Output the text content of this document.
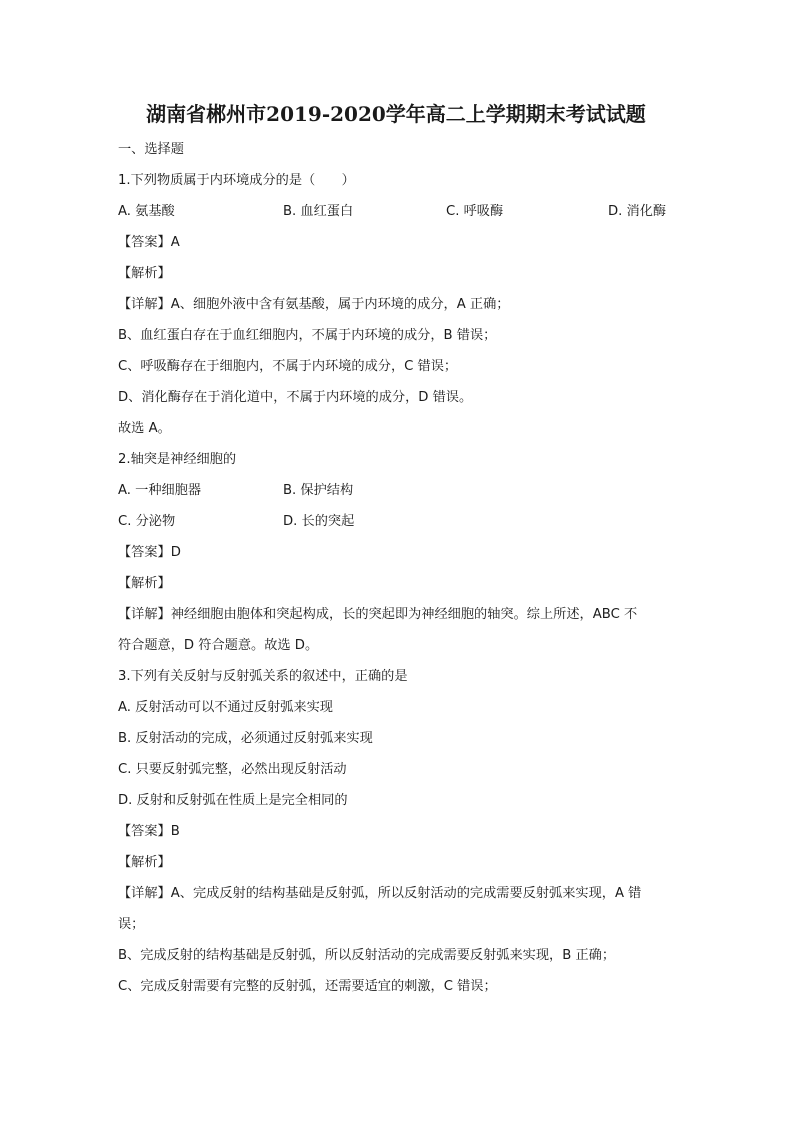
湖南省郴州市2019-2020学年高二上学期期末考试试题
一、选择题
1.下列物质属于内环境成分的是（　　）
A. 氨基酸	B. 血红蛋白	C. 呼吸酶	D. 消化酶
【答案】A
【解析】
【详解】A、细胞外液中含有氨基酸，属于内环境的成分，A 正确；
B、血红蛋白存在于血红细胞内，不属于内环境的成分，B 错误；
C、呼吸酶存在于细胞内，不属于内环境的成分，C 错误；
D、消化酶存在于消化道中，不属于内环境的成分，D 错误。
故选 A。
2.轴突是神经细胞的
A. 一种细胞器	B. 保护结构
C. 分泌物	D. 长的突起
【答案】D
【解析】
【详解】神经细胞由胞体和突起构成，长的突起即为神经细胞的轴突。综上所述，ABC 不
符合题意，D 符合题意。故选 D。
3.下列有关反射与反射弧关系的叙述中，正确的是
A. 反射活动可以不通过反射弧来实现
B. 反射活动的完成，必须通过反射弧来实现
C. 只要反射弧完整，必然出现反射活动
D. 反射和反射弧在性质上是完全相同的
【答案】B
【解析】
【详解】A、完成反射的结构基础是反射弧，所以反射活动的完成需要反射弧来实现，A 错
误；
B、完成反射的结构基础是反射弧，所以反射活动的完成需要反射弧来实现，B 正确；
C、完成反射需要有完整的反射弧，还需要适宜的刺激，C 错误；
